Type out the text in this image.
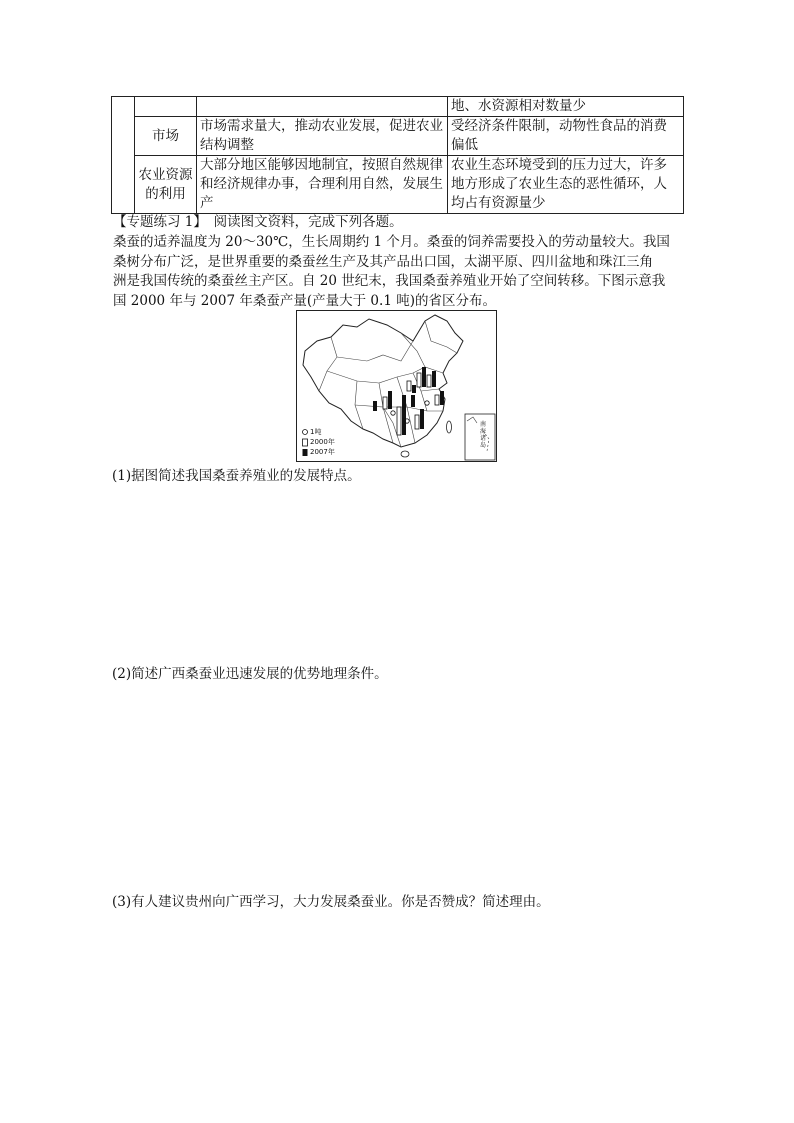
			地、水资源相对数量少
	市场	市场需求量大，推动农业发展，促进农业结构调整	受经济条件限制，动物性食品的消费偏低
	农业资源的利用	大部分地区能够因地制宜，按照自然规律和经济规律办事，合理利用自然，发展生产	农业生态环境受到的压力过大，许多地方形成了农业生态的恶性循环，人均占有资源量少
【专题练习 1】　阅读图文资料，完成下列各题。
桑蚕的适养温度为 20～30℃，生长周期约 1 个月。桑蚕的饲养需要投入的劳动量较大。我国
桑树分布广泛，是世界重要的桑蚕丝生产及其产品出口国，太湖平原、四川盆地和珠江三角
洲是我国传统的桑蚕丝主产区。自 20 世纪末，我国桑蚕养殖业开始了空间转移。下图示意我
国 2000 年与 2007 年桑蚕产量(产量大于 0.1 吨)的省区分布。
1吨
2000年
2007年
南海诸岛
(1)据图简述我国桑蚕养殖业的发展特点。
(2)简述广西桑蚕业迅速发展的优势地理条件。
(3)有人建议贵州向广西学习，大力发展桑蚕业。你是否赞成？简述理由。
